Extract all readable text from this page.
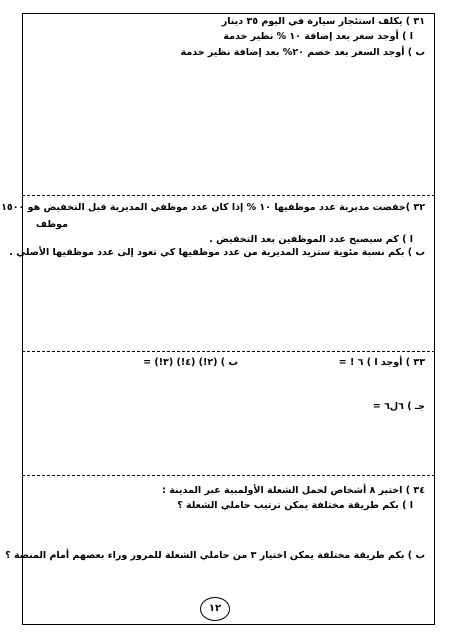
٣١ ) يكلف استئجار سيارة في اليوم ٣٥ دينار
ا ) أوجد سعر بعد إضافة ١٠ % نظير خدمة
ب ) أوجد السعر بعد خصم ٢٠% بعد إضافة نظير خدمة
٣٢ )خفضت مديرية عدد موظفيها ١٠ % إذا كان عدد موظفي المديرية قبل التخفيض هو ١٥٠٠
موظف
ا ) كم سيصبح عدد الموظفين بعد التخفيض .
ب ) بكم نسبة مئوية ستزيد المديرية من عدد موظفيها كي تعود إلى عدد موظفيها الأصلي .
٣٣ ) أوجد ا ) ٦ ! =
ب ) (٢!) (٤!) (٣!) =
جـ ) ٦ل٦ =
٣٤ ) اختير ٨ أشخاص لحمل الشعلة الأولمبية عبر المدينة :
ا ) بكم طريقة مختلفة يمكن ترتيب حاملي الشعلة ؟
ب ) بكم طريقة مختلفة يمكن اختيار ٣ من حاملي الشعلة للمرور وراء بعضهم أمام المنصة ؟
١٢
